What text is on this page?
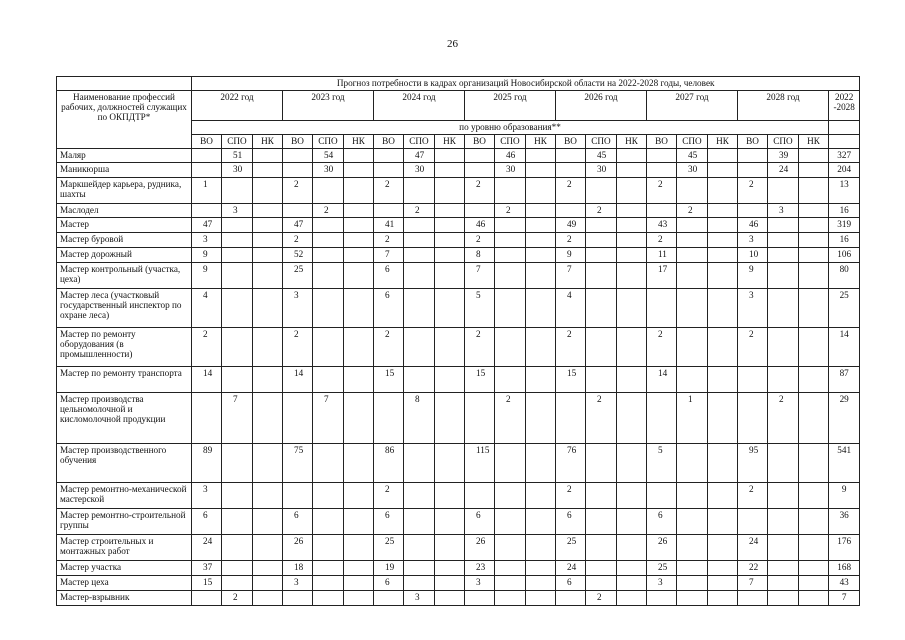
26
	Прогноз потребности в кадрах организаций Новосибирской области на 2022-2028 годы, человек																					
Наименование профессий рабочих, должностей служащих по ОКПДТР*	2022 год			2023 год			2024 год			2025 год			2026 год			2027 год			2028 год			2022 -2028
	по уровню образования**																					
	ВО	СПО	НК	ВО	СПО	НК	ВО	СПО	НК	ВО	СПО	НК	ВО	СПО	НК	ВО	СПО	НК	ВО	СПО	НК	
Маляр		51			54			47			46			45			45			39		327
Маникюрша		30			30			30			30			30			30			24		204
Маркшейдер карьера, рудника, шахты	1			2			2			2			2			2			2			13
Маслодел		3			2			2			2			2			2			3		16
Мастер	47			47			41			46			49			43			46			319
Мастер буровой	3			2			2			2			2			2			3			16
Мастер дорожный	9			52			7			8			9			11			10			106
Мастер контрольный (участка, цеха)	9			25			6			7			7			17			9			80
Мастер леса (участковый государственный инспектор по охране леса)	4			3			6			5			4						3			25
Мастер по ремонту оборудования (в промышленности)	2			2			2			2			2			2			2			14
Мастер по ремонту транспорта	14			14			15			15			15			14						87
Мастер производства цельномолочной и кисломолочной продукции		7			7			8			2			2			1			2		29
Мастер производственного обучения	89			75			86			115			76			5			95			541
Мастер ремонтно-механической мастерской	3						2						2						2			9
Мастер ремонтно-строительной группы	6			6			6			6			6			6						36
Мастер строительных и монтажных работ	24			26			25			26			25			26			24			176
Мастер участка	37			18			19			23			24			25			22			168
Мастер цеха	15			3			6			3			6			3			7			43
Мастер-взрывник		2						3						2								7
